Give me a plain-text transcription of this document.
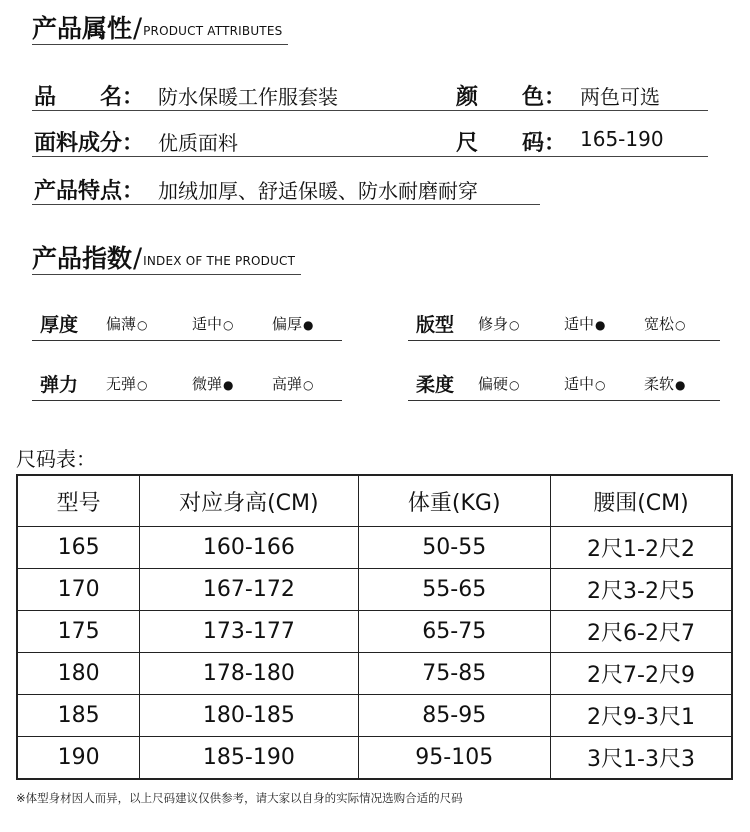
产品属性 / PRODUCT ATTRIBUTES
品　　名： 防水保暖工作服套装	颜　　色： 两色可选
面料成分： 优质面料	尺　　码： 165-190
产品特点： 加绒加厚、舒适保暖、防水耐磨耐穿
产品指数 / INDEX OF THE PRODUCT
厚度 偏薄○	适中○	偏厚●	版型 修身○	适中●	宽松○
弹力 无弹○	微弹●	高弹○	柔度 偏硬○	适中○	柔软●
尺码表：
型号	对应身高(CM)	体重(KG)	腰围(CM)
165	160-166	50-55	2尺1-2尺2
170	167-172	55-65	2尺3-2尺5
175	173-177	65-75	2尺6-2尺7
180	178-180	75-85	2尺7-2尺9
185	180-185	85-95	2尺9-3尺1
190	185-190	95-105	3尺1-3尺3
※体型身材因人而异，以上尺码建议仅供参考，请大家以自身的实际情况选购合适的尺码
